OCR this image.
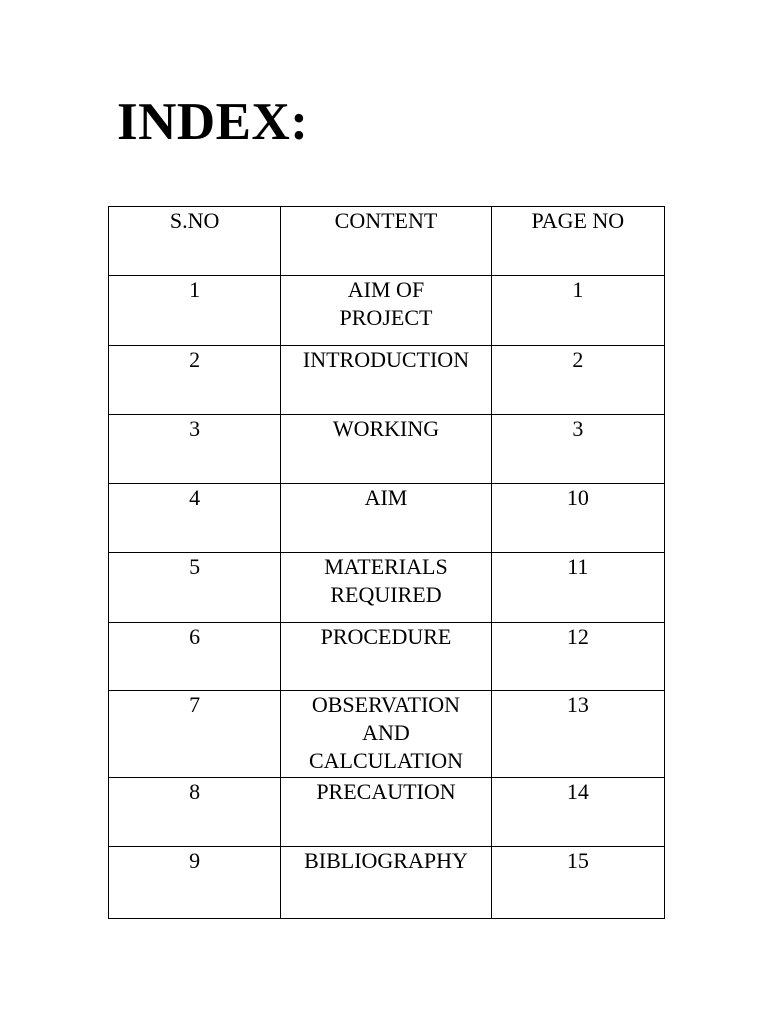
INDEX:
S.NO	CONTENT	PAGE NO

1	AIM OF PROJECT	1

2	INTRODUCTION	2

3	WORKING	3

4	AIM	10

5	MATERIALS REQUIRED	11

6	PROCEDURE	12

7	OBSERVATION AND CALCULATION	13

8	PRECAUTION	14

9	BIBLIOGRAPHY	15
